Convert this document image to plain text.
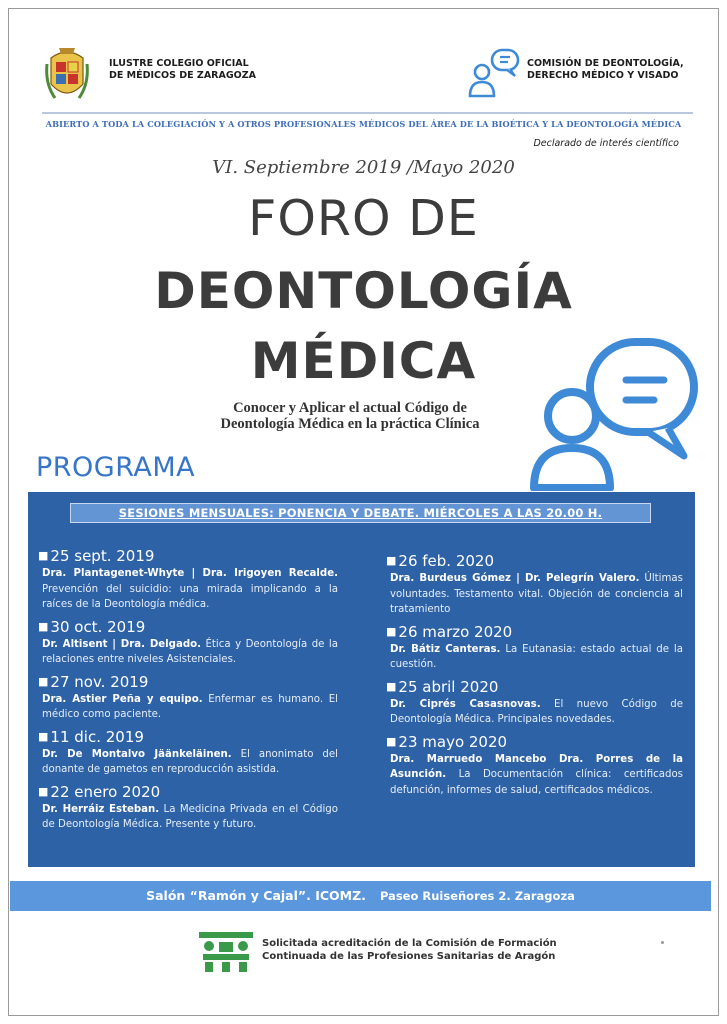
ILUSTRE COLEGIO OFICIAL
DE MÉDICOS DE ZARAGOZA
COMISIÓN DE DEONTOLOGÍA,
DERECHO MÉDICO Y VISADO
ABIERTO A TODA LA COLEGIACIÓN Y A OTROS PROFESIONALES MÉDICOS DEL ÁREA DE LA BIOÉTICA Y LA DEONTOLOGÍA MÉDICA
Declarado de interés científico
VI. Septiembre 2019 /Mayo 2020
FORO DE
DEONTOLOGÍA
MÉDICA
Conocer y Aplicar el actual Código de
Deontología Médica en la práctica Clínica
PROGRAMA
SESIONES MENSUALES: PONENCIA Y DEBATE. MIÉRCOLES A LAS 20.00 H.
■ 25 sept. 2019
Dra. Plantagenet-Whyte | Dra. Irigoyen Recalde. Prevención del suicidio: una mirada implicando a la raíces de la Deontología médica.
■ 30 oct. 2019
Dr. Altisent | Dra. Delgado. Ética y Deontología de la relaciones entre niveles Asistenciales.
■ 27 nov. 2019
Dra. Astier Peña y equipo. Enfermar es humano. El médico como paciente.
■ 11 dic. 2019
Dr. De Montalvo Jäänkeläinen. El anonimato del donante de gametos en reproducción asistida.
■ 22 enero 2020
Dr. Herráiz Esteban. La Medicina Privada en el Código de Deontología Médica. Presente y futuro.
■ 26 feb. 2020
Dra. Burdeus Gómez | Dr. Pelegrín Valero. Últimas voluntades. Testamento vital. Objeción de conciencia al tratamiento
■ 26 marzo 2020
Dr. Bátiz Canteras. La Eutanasia: estado actual de la cuestión.
■ 25 abril 2020
Dr. Ciprés Casasnovas. El nuevo Código de Deontología Médica. Principales novedades.
■ 23 mayo 2020
Dra. Marruedo Mancebo Dra. Porres de la Asunción. La Documentación clínica: certificados defunción, informes de salud, certificados médicos.
Salón “Ramón y Cajal”. ICOMZ. Paseo Ruiseñores 2. Zaragoza
Solicitada acreditación de la Comisión de Formación
Continuada de las Profesiones Sanitarias de Aragón
